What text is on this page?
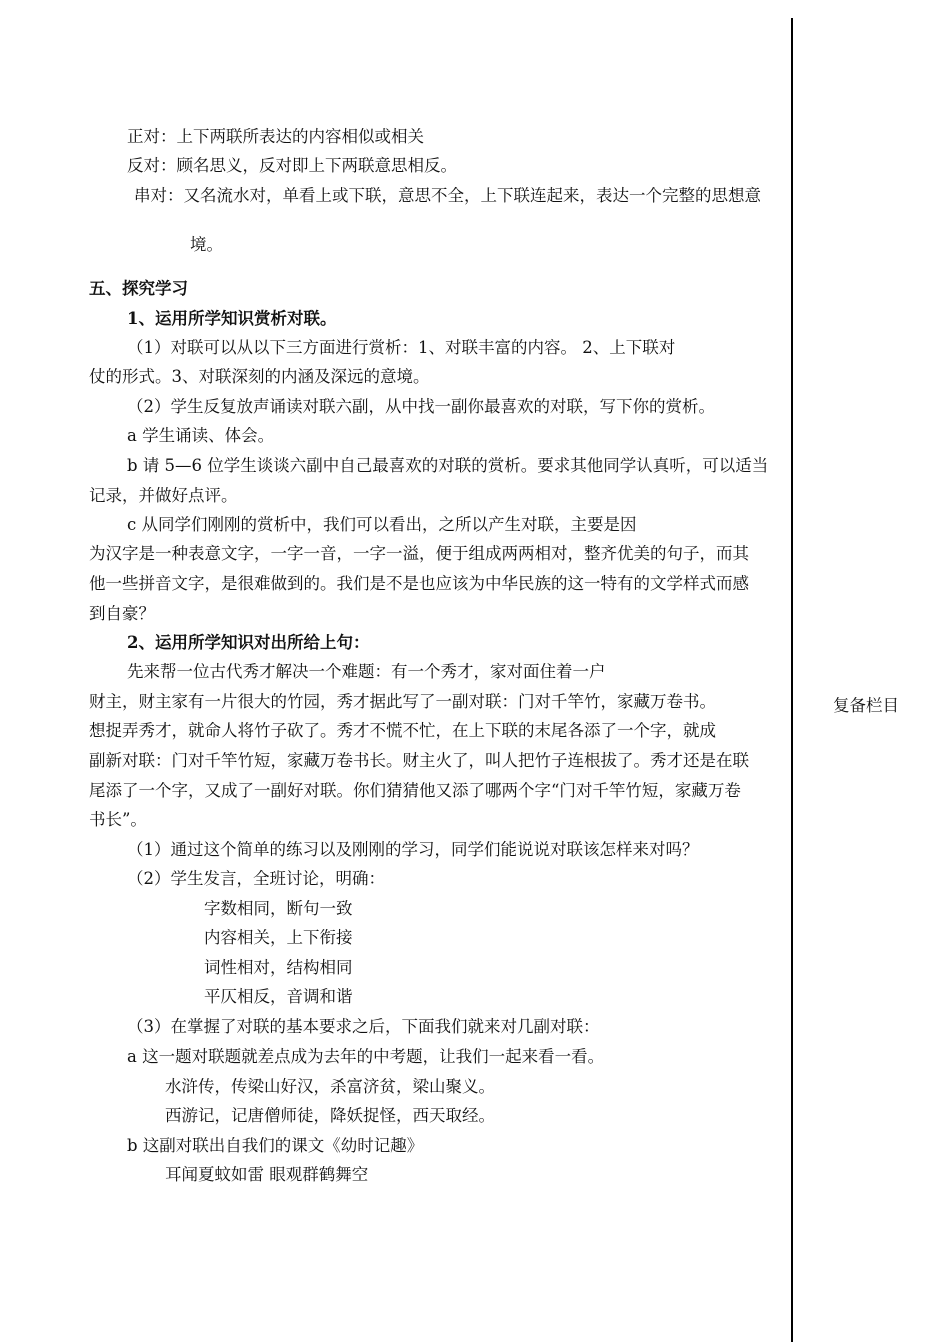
正对：上下两联所表达的内容相似或相关
反对：顾名思义，反对即上下两联意思相反。
串对：又名流水对，单看上或下联，意思不全，上下联连起来，表达一个完整的思想意
境。
五、探究学习
1、运用所学知识赏析对联。
（1）对联可以从以下三方面进行赏析：1、对联丰富的内容。 2、上下联对
仗的形式。3、对联深刻的内涵及深远的意境。
（2）学生反复放声诵读对联六副，从中找一副你最喜欢的对联，写下你的赏析。
a 学生诵读、体会。
b 请 5—6 位学生谈谈六副中自己最喜欢的对联的赏析。要求其他同学认真听，可以适当
记录，并做好点评。
c 从同学们刚刚的赏析中，我们可以看出，之所以产生对联，主要是因
为汉字是一种表意文字，一字一音，一字一溢，便于组成两两相对，整齐优美的句子，而其
他一些拼音文字，是很难做到的。我们是不是也应该为中华民族的这一特有的文学样式而感
到自豪？
2、运用所学知识对出所给上句：
先来帮一位古代秀才解决一个难题：有一个秀才，家对面住着一户
财主，财主家有一片很大的竹园，秀才据此写了一副对联：门对千竿竹，家藏万卷书。
想捉弄秀才，就命人将竹子砍了。秀才不慌不忙，在上下联的末尾各添了一个字，就成
副新对联：门对千竿竹短，家藏万卷书长。财主火了，叫人把竹子连根拔了。秀才还是在联
尾添了一个字，又成了一副好对联。你们猜猜他又添了哪两个字“门对千竿竹短，家藏万卷
书长”。
（1）通过这个简单的练习以及刚刚的学习，同学们能说说对联该怎样来对吗？
（2）学生发言，全班讨论，明确：
字数相同，断句一致
内容相关，上下衔接
词性相对，结构相同
平仄相反，音调和谐
（3）在掌握了对联的基本要求之后，下面我们就来对几副对联：
a 这一题对联题就差点成为去年的中考题，让我们一起来看一看。
水浒传，传梁山好汉，杀富济贫，梁山聚义。
西游记，记唐僧师徒，降妖捉怪，西天取经。
b 这副对联出自我们的课文《幼时记趣》
耳闻夏蚊如雷 眼观群鹤舞空
复备栏目
